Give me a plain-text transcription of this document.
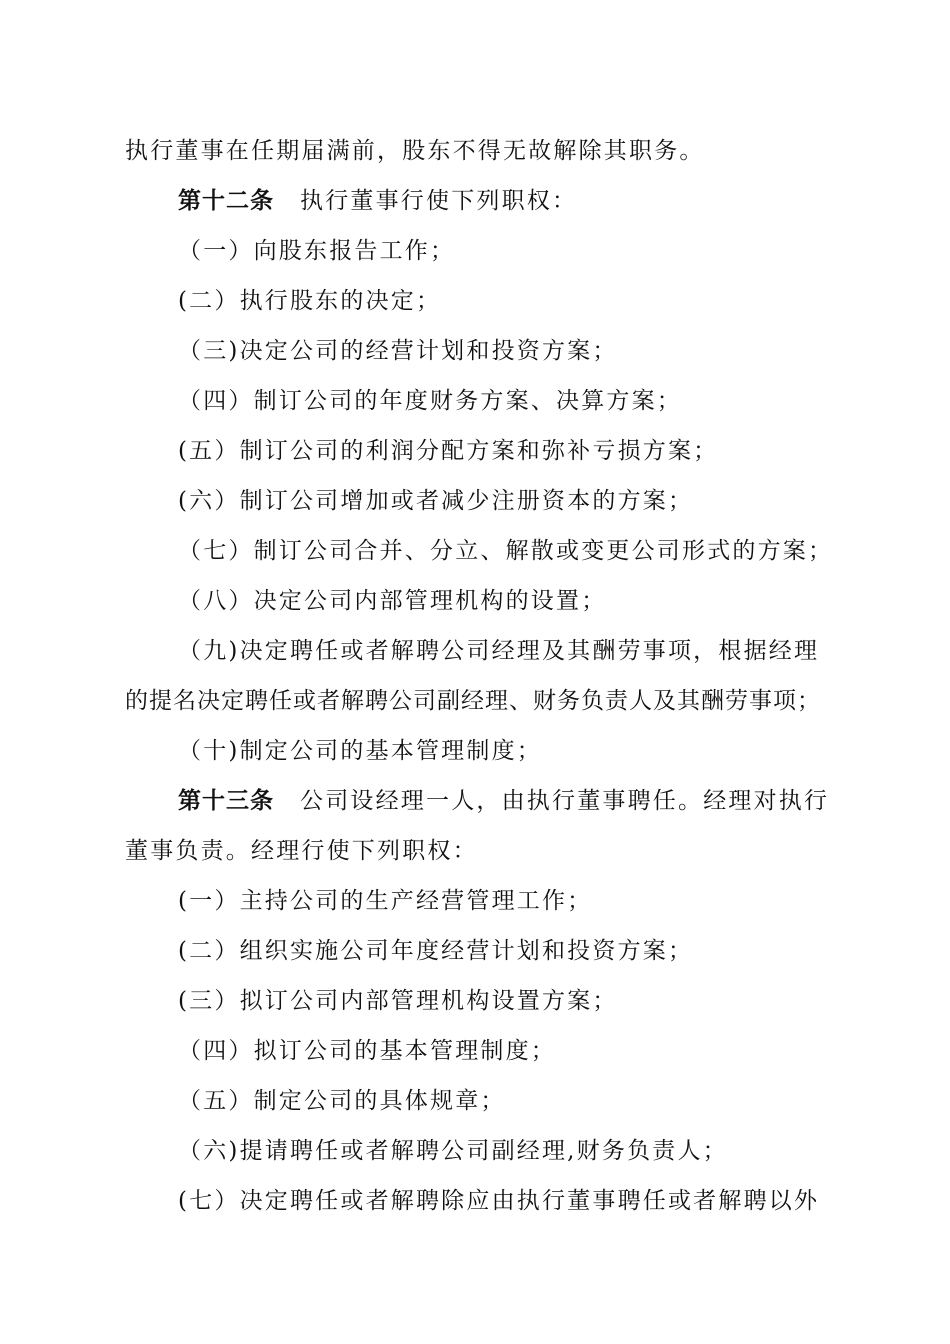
执行董事在任期届满前，股东不得无故解除其职务。
第十二条 执行董事行使下列职权：
（一）向股东报告工作；
(二）执行股东的决定；
（三)决定公司的经营计划和投资方案；
（四）制订公司的年度财务方案、决算方案；
(五）制订公司的利润分配方案和弥补亏损方案；
(六）制订公司增加或者减少注册资本的方案；
（七）制订公司合并、分立、解散或变更公司形式的方案；
（八）决定公司内部管理机构的设置；
（九)决定聘任或者解聘公司经理及其酬劳事项，根据经理
的提名决定聘任或者解聘公司副经理、财务负责人及其酬劳事项；
（十)制定公司的基本管理制度；
第十三条 公司设经理一人，由执行董事聘任。经理对执行
董事负责。经理行使下列职权：
(一）主持公司的生产经营管理工作；
(二）组织实施公司年度经营计划和投资方案；
(三）拟订公司内部管理机构设置方案；
（四）拟订公司的基本管理制度；
（五）制定公司的具体规章；
（六)提请聘任或者解聘公司副经理,财务负责人；
(七）决定聘任或者解聘除应由执行董事聘任或者解聘以外
